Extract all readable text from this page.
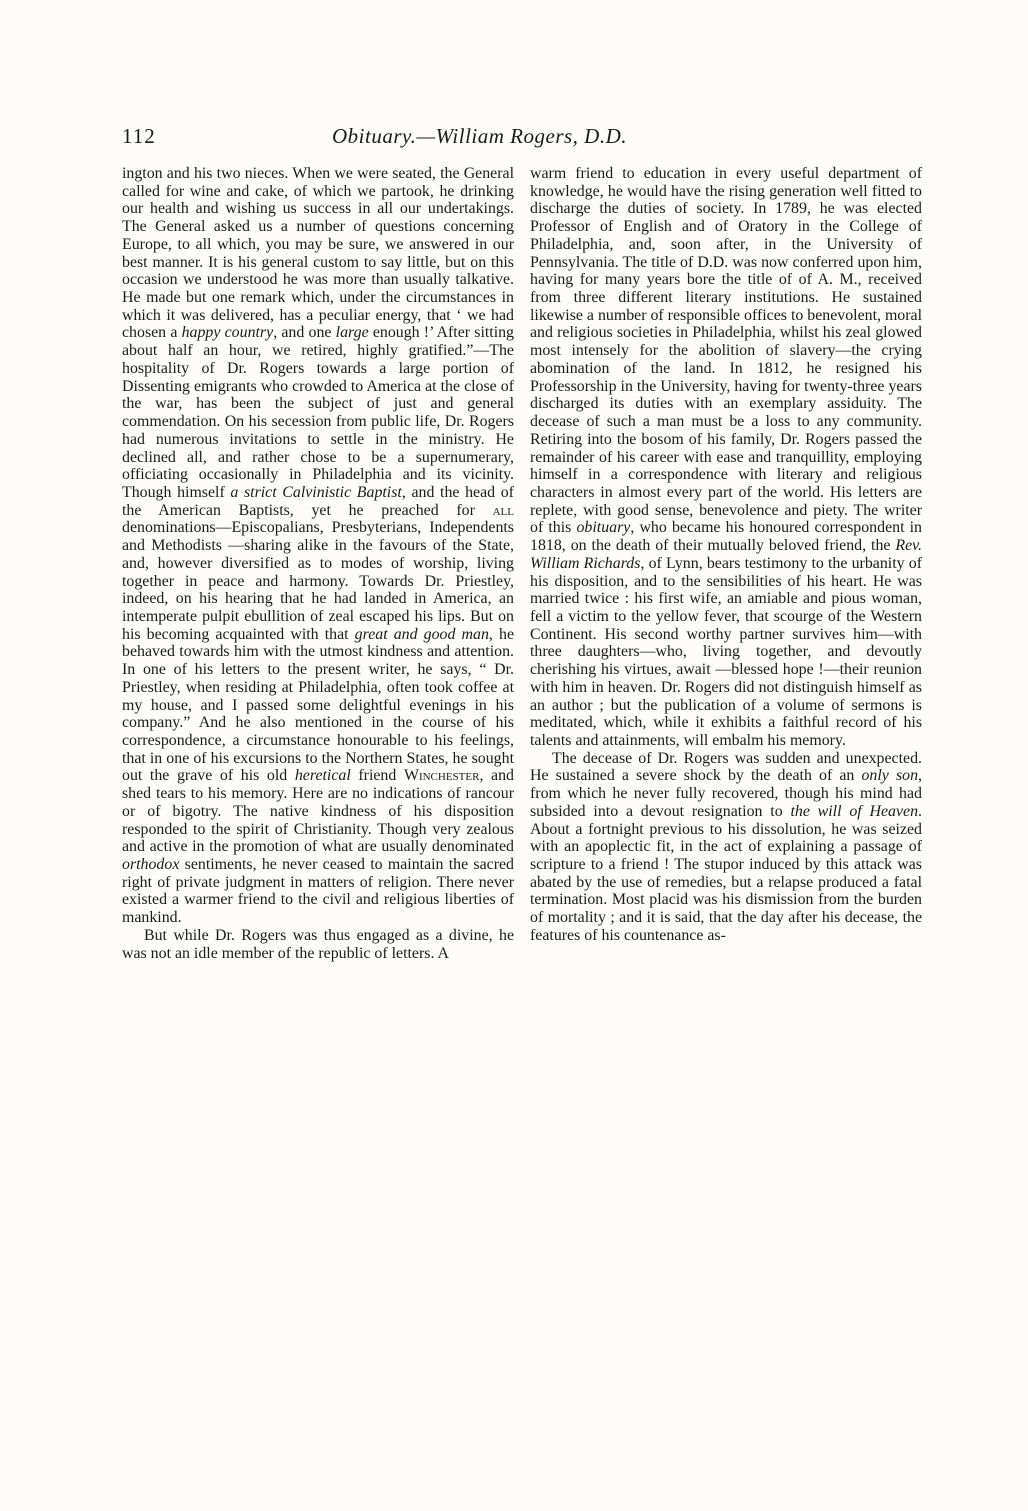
112	Obituary.—William Rogers, D.D.

ington and his two nieces. When we were seated, the General called for wine and cake, of which we partook, he drinking our health and wishing us success in all our undertakings. The General asked us a number of questions concerning Europe, to all which, you may be sure, we answered in our best manner. It is his general custom to say little, but on this occasion we understood he was more than usually talkative. He made but one remark which, under the circumstances in which it was delivered, has a peculiar energy, that ‘ we had chosen a happy country, and one large enough !’ After sitting about half an hour, we retired, highly gratified.”—The hospitality of Dr. Rogers towards a large portion of Dissenting emigrants who crowded to America at the close of the war, has been the subject of just and general commendation. On his secession from public life, Dr. Rogers had numerous invitations to settle in the ministry. He declined all, and rather chose to be a supernumerary, officiating occasionally in Philadelphia and its vicinity. Though himself a strict Calvinistic Baptist, and the head of the American Baptists, yet he preached for all denominations—Episcopalians, Presbyterians, Independents and Methodists —sharing alike in the favours of the State, and, however diversified as to modes of worship, living together in peace and harmony. Towards Dr. Priestley, indeed, on his hearing that he had landed in America, an intemperate pulpit ebullition of zeal escaped his lips. But on his becoming acquainted with that great and good man, he behaved towards him with the utmost kindness and attention. In one of his letters to the present writer, he says, “ Dr. Priestley, when residing at Philadelphia, often took coffee at my house, and I passed some delightful evenings in his company.” And he also mentioned in the course of his correspondence, a circumstance honourable to his feelings, that in one of his excursions to the Northern States, he sought out the grave of his old heretical friend Winchester, and shed tears to his memory. Here are no indications of rancour or of bigotry. The native kindness of his disposition responded to the spirit of Christianity. Though very zealous and active in the promotion of what are usually denominated orthodox sentiments, he never ceased to maintain the sacred right of private judgment in matters of religion. There never existed a warmer friend to the civil and religious liberties of mankind.

But while Dr. Rogers was thus engaged as a divine, he was not an idle member of the republic of letters. A

warm friend to education in every useful department of knowledge, he would have the rising generation well fitted to discharge the duties of society. In 1789, he was elected Professor of English and of Oratory in the College of Philadelphia, and, soon after, in the University of Pennsylvania. The title of D.D. was now conferred upon him, having for many years bore the title of of A. M., received from three different literary institutions. He sustained likewise a number of responsible offices to benevolent, moral and religious societies in Philadelphia, whilst his zeal glowed most intensely for the abolition of slavery—the crying abomination of the land. In 1812, he resigned his Professorship in the University, having for twenty-three years discharged its duties with an exemplary assiduity. The decease of such a man must be a loss to any community. Retiring into the bosom of his family, Dr. Rogers passed the remainder of his career with ease and tranquillity, employing himself in a correspondence with literary and religious characters in almost every part of the world. His letters are replete, with good sense, benevolence and piety. The writer of this obituary, who became his honoured correspondent in 1818, on the death of their mutually beloved friend, the Rev. William Richards, of Lynn, bears testimony to the urbanity of his disposition, and to the sensibilities of his heart. He was married twice : his first wife, an amiable and pious woman, fell a victim to the yellow fever, that scourge of the Western Continent. His second worthy partner survives him—with three daughters—who, living together, and devoutly cherishing his virtues, await —blessed hope !—their reunion with him in heaven. Dr. Rogers did not distinguish himself as an author ; but the publication of a volume of sermons is meditated, which, while it exhibits a faithful record of his talents and attainments, will embalm his memory.

The decease of Dr. Rogers was sudden and unexpected. He sustained a severe shock by the death of an only son, from which he never fully recovered, though his mind had subsided into a devout resignation to the will of Heaven. About a fortnight previous to his dissolution, he was seized with an apoplectic fit, in the act of explaining a passage of scripture to a friend ! The stupor induced by this attack was abated by the use of remedies, but a relapse produced a fatal termination. Most placid was his dismission from the burden of mortality ; and it is said, that the day after his decease, the features of his countenance as-
